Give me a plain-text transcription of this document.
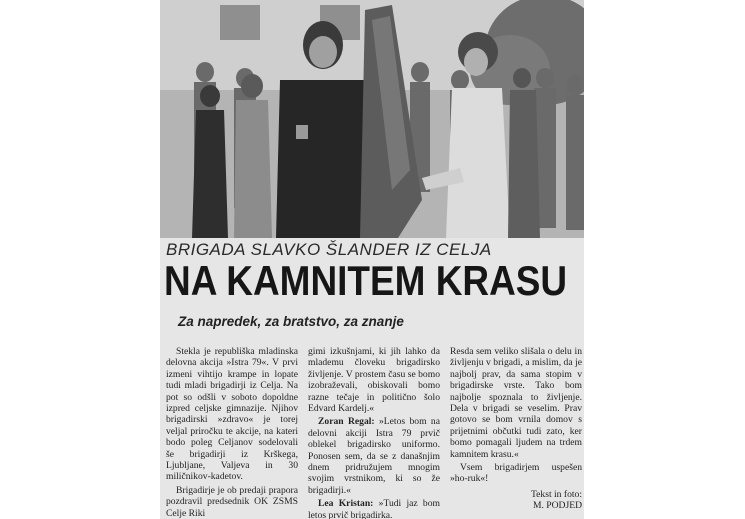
BRIGADA SLAVKO ŠLANDER IZ CELJA
NA KAMNITEM KRASU
Za napredek, za bratstvo, za znanje

Stekla je republiška mladinska delovna akcija »Istra 79«. V prvi izmeni vihtijo krampe in lopate tudi mladi brigadirji iz Celja. Na pot so odšli v soboto dopoldne izpred celjske gimnazije. Njihov brigadirski »zdravo« je torej veljal priročku te akcije, na kateri bodo poleg Celjanov sodelovali še brigadirji iz Krškega, Ljubljane, Valjeva in 30 miličnikov-kadetov.

Brigadirje je ob predaji prapora pozdravil predsednik OK ZSMS Celje Riki

gimi izkušnjami, ki jih lahko da mlademu človeku brigadirsko življenje. V prostem času se bomo izobraževali, obiskovali bomo razne tečaje in politično šolo Edvard Kardelj.«

Zoran Regal: »Letos bom na delovni akciji Istra 79 prvič oblekel brigadirsko uniformo. Ponosen sem, da se z današnjim dnem pridružujem mnogim svojim vrstnikom, ki so že brigadirji.«

Lea Kristan: »Tudi jaz bom letos prvič brigadirka.

Resda sem veliko slišala o delu in življenju v brigadi, a mislim, da je najbolj prav, da sama stopim v brigadirske vrste. Tako bom najbolje spoznala to življenje. Dela v brigadi se veselim. Prav gotovo se bom vrnila domov s prijetnimi občutki tudi zato, ker bomo pomagali ljudem na trdem kamnitem krasu.«

Vsem brigadirjem uspešen »ho-ruk«!

Tekst in foto:
M. PODJED
